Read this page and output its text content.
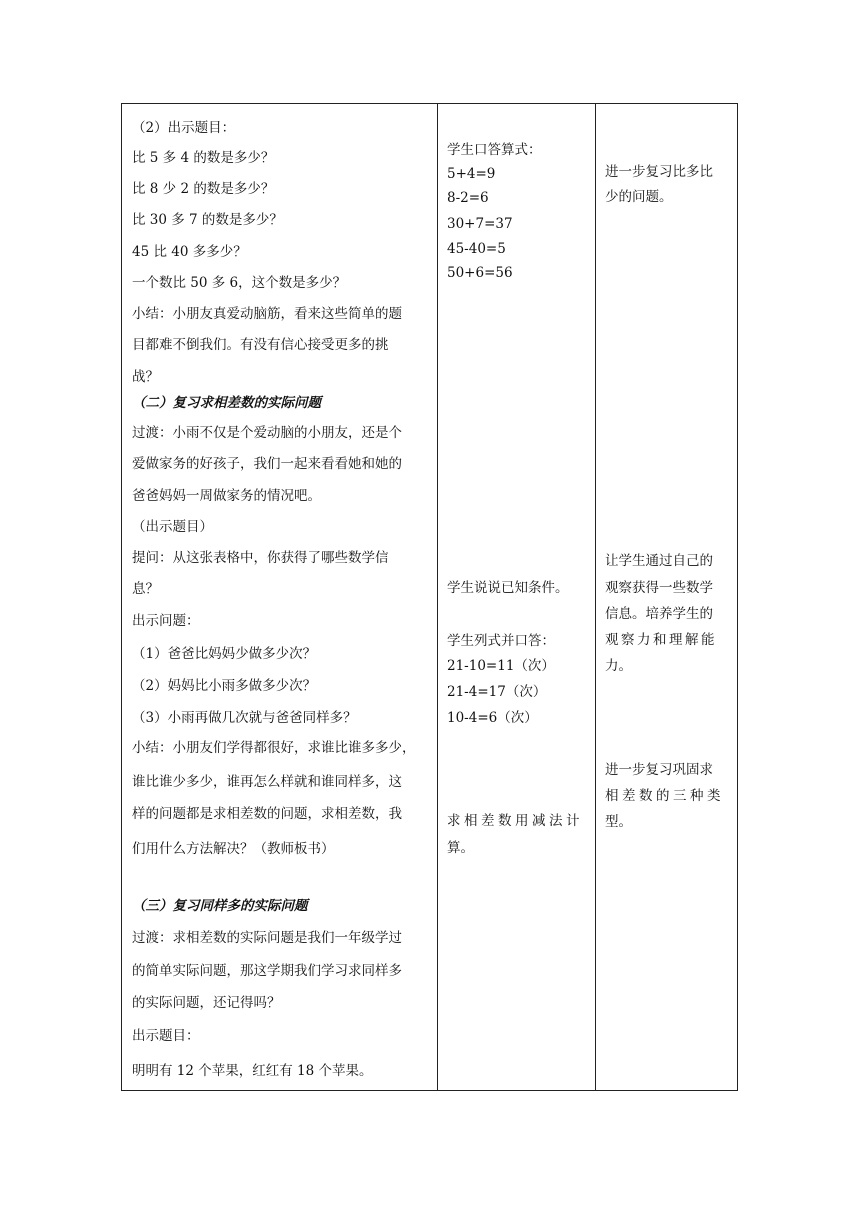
（2）出示题目：
比 5 多 4 的数是多少？
比 8 少 2 的数是多少？
比 30 多 7 的数是多少？
45 比 40 多多少？
一个数比 50 多 6，这个数是多少？
小结：小朋友真爱动脑筋，看来这些简单的题
目都难不倒我们。有没有信心接受更多的挑
战？
（二）复习求相差数的实际问题
过渡：小雨不仅是个爱动脑的小朋友，还是个
爱做家务的好孩子，我们一起来看看她和她的
爸爸妈妈一周做家务的情况吧。
（出示题目）
提问：从这张表格中，你获得了哪些数学信
息？
出示问题：
（1）爸爸比妈妈少做多少次？
（2）妈妈比小雨多做多少次？
（3）小雨再做几次就与爸爸同样多？
小结：小朋友们学得都很好，求谁比谁多多少，
谁比谁少多少，谁再怎么样就和谁同样多，这
样的问题都是求相差数的问题，求相差数，我
们用什么方法解决？（教师板书）
（三）复习同样多的实际问题
过渡：求相差数的实际问题是我们一年级学过
的简单实际问题，那这学期我们学习求同样多
的实际问题，还记得吗？
出示题目：
明明有 12 个苹果，红红有 18 个苹果。
学生口答算式：
5+4=9
8-2=6
30+7=37
45-40=5
50+6=56
学生说说已知条件。
学生列式并口答：
21-10=11（次）
21-4=17（次）
10-4=6（次）
求相差数用减法计
算。
进一步复习比多比
少的问题。
让学生通过自己的
观察获得一些数学
信息。培养学生的
观察力和理解能
力。
进一步复习巩固求
相差数的三种类
型。
